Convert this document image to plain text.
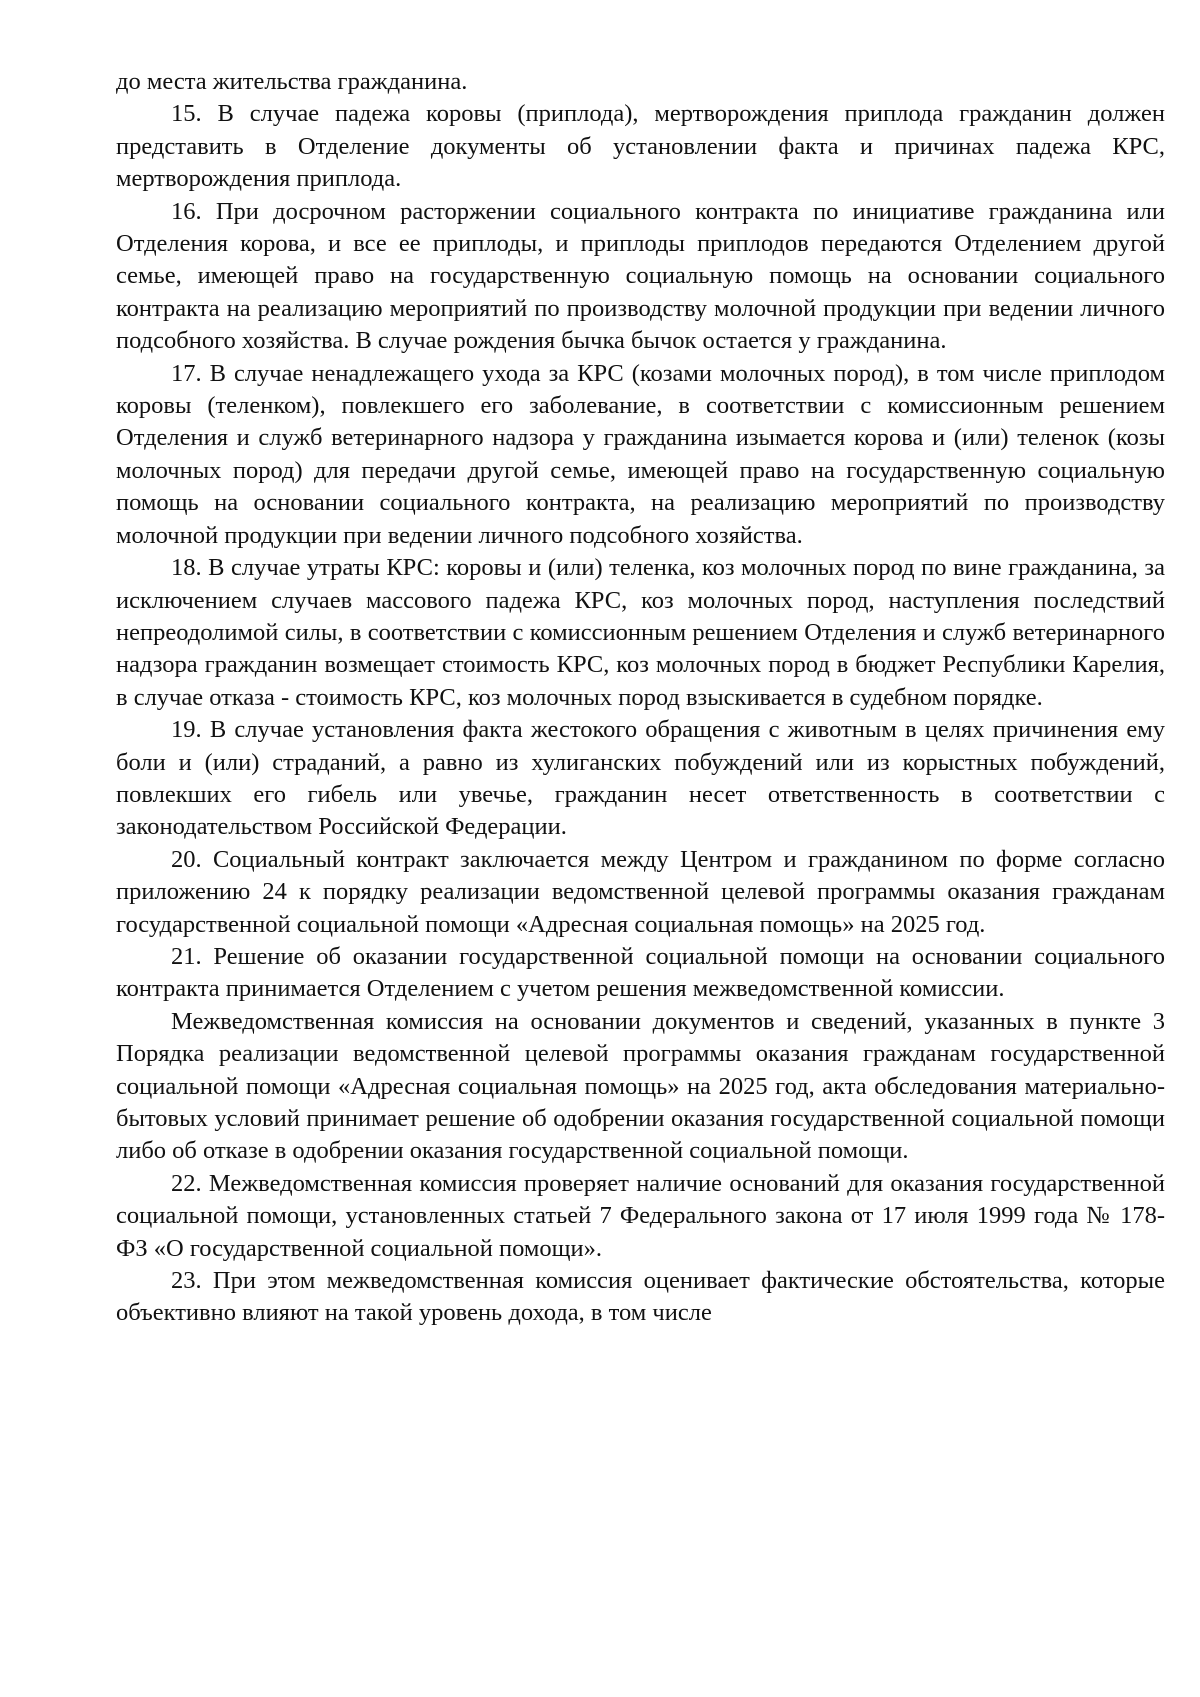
до места жительства гражданина.

15. В случае падежа коровы (приплода), мертворождения приплода гражданин должен представить в Отделение документы об установлении факта и причинах падежа КРС, мертворождения приплода.

16. При досрочном расторжении социального контракта по инициативе гражданина или Отделения корова, и все ее приплоды, и приплоды приплодов передаются Отделением другой семье, имеющей право на государственную социальную помощь на основании социального контракта на реализацию мероприятий по производству молочной продукции при ведении личного подсобного хозяйства. В случае рождения бычка бычок остается у гражданина.

17. В случае ненадлежащего ухода за КРС (козами молочных пород), в том числе приплодом коровы (теленком), повлекшего его заболевание, в соответствии с комиссионным решением Отделения и служб ветеринарного надзора у гражданина изымается корова и (или) теленок (козы молочных пород) для передачи другой семье, имеющей право на государственную социальную помощь на основании социального контракта, на реализацию мероприятий по производству молочной продукции при ведении личного подсобного хозяйства.

18. В случае утраты КРС: коровы и (или) теленка, коз молочных пород по вине гражданина, за исключением случаев массового падежа КРС, коз молочных пород, наступления последствий непреодолимой силы, в соответствии с комиссионным решением Отделения и служб ветеринарного надзора гражданин возмещает стоимость КРС, коз молочных пород в бюджет Республики Карелия, в случае отказа - стоимость КРС, коз молочных пород взыскивается в судебном порядке.

19. В случае установления факта жестокого обращения с животным в целях причинения ему боли и (или) страданий, а равно из хулиганских побуждений или из корыстных побуждений, повлекших его гибель или увечье, гражданин несет ответственность в соответствии с законодательством Российской Федерации.

20. Социальный контракт заключается между Центром и гражданином по форме согласно приложению 24 к порядку реализации ведомственной целевой программы оказания гражданам государственной социальной помощи «Адресная социальная помощь» на 2025 год.

21. Решение об оказании государственной социальной помощи на основании социального контракта принимается Отделением с учетом решения межведомственной комиссии.

Межведомственная комиссия на основании документов и сведений, указанных в пункте 3 Порядка реализации ведомственной целевой программы оказания гражданам государственной социальной помощи «Адресная социальная помощь» на 2025 год, акта обследования материально-бытовых условий принимает решение об одобрении оказания государственной социальной помощи либо об отказе в одобрении оказания государственной социальной помощи.

22. Межведомственная комиссия проверяет наличие оснований для оказания государственной социальной помощи, установленных статьей 7 Федерального закона от 17 июля 1999 года № 178-ФЗ «О государственной социальной помощи».

23. При этом межведомственная комиссия оценивает фактические обстоятельства, которые объективно влияют на такой уровень дохода, в том числе
